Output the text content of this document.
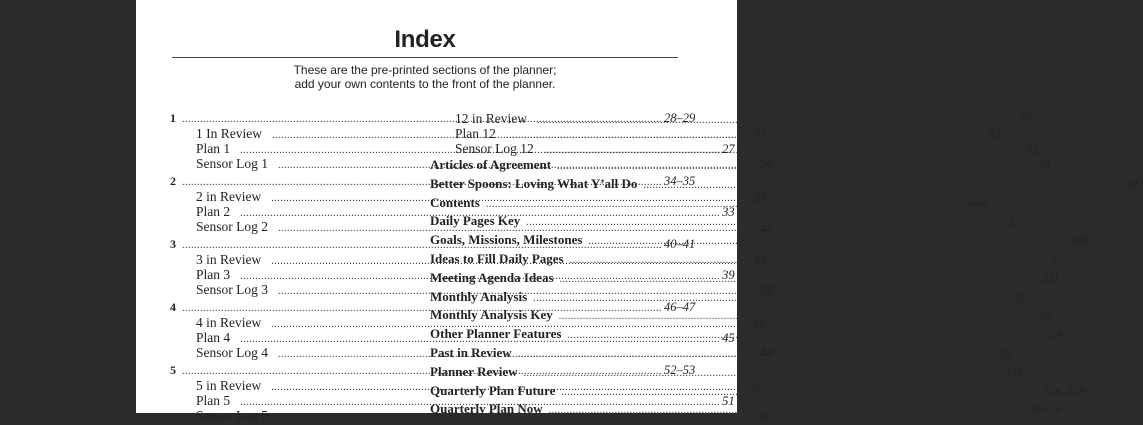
Index
These are the pre-printed sections of the planner;
add your own contents to the front of the planner.
1 .....	28–29
1 In Review .....	31
Plan 1 .....	27
Sensor Log 1 .....	26
2 .....	34–35
2 in Review .....	37
Plan 2 .....	33
Sensor Log 2 .....	32
3 .....	40–41
3 in Review .....	43
Plan 3 .....	39
Sensor Log 3 .....	38
4 .....	46–47
4 in Review .....	49
Plan 4 .....	45
Sensor Log 4 .....	44
5 .....	52–53
5 in Review .....	55
Plan 5 .....	51
Sensor Log 5 .....	50
12 in Review .....	97
Plan 12 .....	93
Sensor Log 12 .....	92
Articles of Agreement .....	14
Better Spoons: Loving What Y’all Do .....	322
Contents .....	v–vi
Daily Pages Key .....	2
Goals, Missions, Milestones .....	320
Ideas to Fill Daily Pages .....	2
Meeting Agenda Ideas .....	321
Monthly Analysis .....	20
Monthly Analysis Key .....	22
Other Planner Features .....	24
Past in Review .....	25
Planner Review .....	315
Quarterly Plan Future .....	316–319
Quarterly Plan Now .....	16–19
